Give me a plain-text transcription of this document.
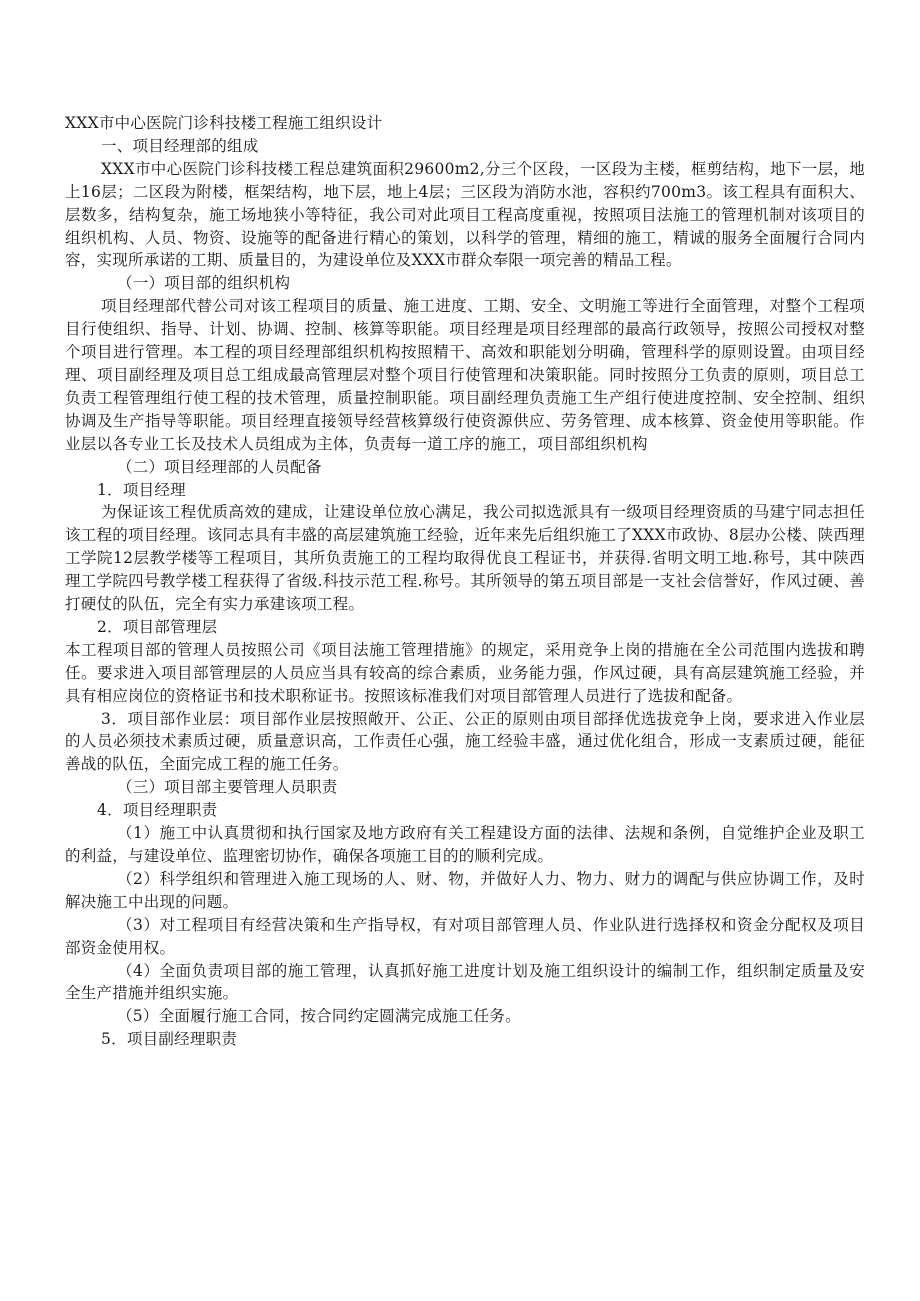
XXX市中心医院门诊科技楼工程施工组织设计

一、项目经理部的组成

XXX市中心医院门诊科技楼工程总建筑面积29600m2,分三个区段，一区段为主楼，框剪结构，地下一层，地上16层；二区段为附楼，框架结构，地下层，地上4层；三区段为消防水池，容积约700m3。该工程具有面积大、层数多，结构复杂，施工场地狭小等特征，我公司对此项目工程高度重视，按照项目法施工的管理机制对该项目的组织机构、人员、物资、设施等的配备进行精心的策划，以科学的管理，精细的施工，精诚的服务全面履行合同内容，实现所承诺的工期、质量目的，为建设单位及XXX市群众奉限一项完善的精品工程。

（一）项目部的组织机构

项目经理部代替公司对该工程项目的质量、施工进度、工期、安全、文明施工等进行全面管理，对整个工程项目行使组织、指导、计划、协调、控制、核算等职能。项目经理是项目经理部的最高行政领导，按照公司授权对整个项目进行管理。本工程的项目经理部组织机构按照精干、高效和职能划分明确，管理科学的原则设置。由项目经理、项目副经理及项目总工组成最高管理层对整个项目行使管理和决策职能。同时按照分工负责的原则，项目总工负责工程管理组行使工程的技术管理，质量控制职能。项目副经理负责施工生产组行使进度控制、安全控制、组织协调及生产指导等职能。项目经理直接领导经营核算级行使资源供应、劳务管理、成本核算、资金使用等职能。作业层以各专业工长及技术人员组成为主体，负责每一道工序的施工，项目部组织机构

（二）项目经理部的人员配备

1．项目经理

为保证该工程优质高效的建成，让建设单位放心满足，我公司拟选派具有一级项目经理资质的马建宁同志担任该工程的项目经理。该同志具有丰盛的高层建筑施工经验，近年来先后组织施工了XXX市政协、8层办公楼、陕西理工学院12层教学楼等工程项目，其所负责施工的工程均取得优良工程证书，并获得.省明文明工地.称号，其中陕西理工学院四号教学楼工程获得了省级.科技示范工程.称号。其所领导的第五项目部是一支社会信誉好，作风过硬、善打硬仗的队伍，完全有实力承建该项工程。

2．项目部管理层

本工程项目部的管理人员按照公司《项目法施工管理措施》的规定，采用竞争上岗的措施在全公司范围内选拔和聘任。要求进入项目部管理层的人员应当具有较高的综合素质，业务能力强，作风过硬，具有高层建筑施工经验，并具有相应岗位的资格证书和技术职称证书。按照该标准我们对项目部管理人员进行了选拔和配备。

3．项目部作业层：项目部作业层按照敞开、公正、公正的原则由项目部择优选拔竞争上岗，要求进入作业层的人员必须技术素质过硬，质量意识高，工作责任心强，施工经验丰盛，通过优化组合，形成一支素质过硬，能征善战的队伍，全面完成工程的施工任务。

（三）项目部主要管理人员职责

4．项目经理职责

（1）施工中认真贯彻和执行国家及地方政府有关工程建设方面的法律、法规和条例，自觉维护企业及职工的利益，与建设单位、监理密切协作，确保各项施工目的的顺利完成。

（2）科学组织和管理进入施工现场的人、财、物，并做好人力、物力、财力的调配与供应协调工作，及时解决施工中出现的问题。

（3）对工程项目有经营决策和生产指导权，有对项目部管理人员、作业队进行选择权和资金分配权及项目部资金使用权。

（4）全面负责项目部的施工管理，认真抓好施工进度计划及施工组织设计的编制工作，组织制定质量及安全生产措施并组织实施。

（5）全面履行施工合同，按合同约定圆满完成施工任务。

5．项目副经理职责
